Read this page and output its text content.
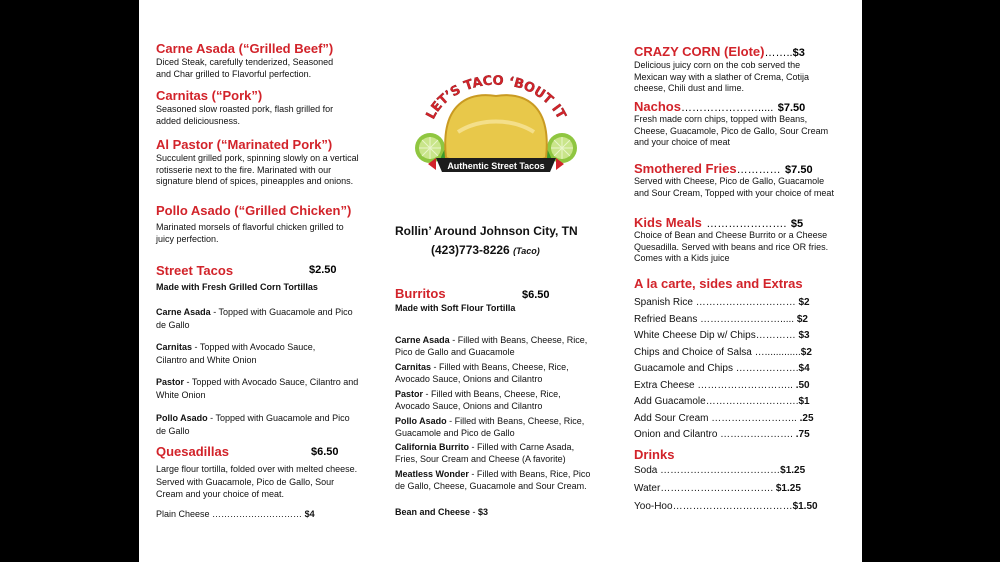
Carne Asada (“Grilled Beef”)
Diced Steak, carefully tenderized, Seasoned and Char grilled to Flavorful perfection.
Carnitas (“Pork”)
Seasoned slow roasted pork, flash grilled for added deliciousness.
Al Pastor (“Marinated Pork”)
Succulent grilled pork, spinning slowly on a vertical rotisserie next to the fire. Marinated with our signature blend of spices, pineapples and onions.
Pollo Asado (“Grilled Chicken”)
Marinated morsels of flavorful chicken grilled to juicy perfection.
Street Tacos	$2.50
Made with Fresh Grilled Corn Tortillas
Carne Asada - Topped with Guacamole and Pico de Gallo
Carnitas - Topped with Avocado Sauce, Cilantro and White Onion
Pastor - Topped with Avocado Sauce, Cilantro and White Onion
Pollo Asado - Topped with Guacamole and Pico de Gallo
Quesadillas	$6.50
Large flour tortilla, folded over with melted cheese. Served with Guacamole, Pico de Gallo, Sour Cream and your choice of meat.
Plain Cheese ………………………… $4
LET’S TACO ‘BOUT IT
Authentic Street Tacos
Rollin’ Around Johnson City, TN
(423)773-8226 (Taco)
Burritos	$6.50
Made with Soft Flour Tortilla
Carne Asada - Filled with Beans, Cheese, Rice, Pico de Gallo and Guacamole
Carnitas - Filled with Beans, Cheese, Rice, Avocado Sauce, Onions and Cilantro
Pastor - Filled with Beans, Cheese, Rice, Avocado Sauce, Onions and Cilantro
Pollo Asado - Filled with Beans, Cheese, Rice, Guacamole and Pico de Gallo
California Burrito - Filled with Carne Asada, Fries, Sour Cream and Cheese (A favorite)
Meatless Wonder - Filled with Beans, Rice, Pico de Gallo, Cheese, Guacamole and Sour Cream.
Bean and Cheese - $3
CRAZY CORN (Elote)……..$3
Delicious juicy corn on the cob served the Mexican way with a slather of Crema, Cotija cheese, Chili dust and lime.
Nachos…………………..... $7.50
Fresh made corn chips, topped with Beans, Cheese, Guacamole, Pico de Gallo, Sour Cream and your choice of meat
Smothered Fries………… $7.50
Served with Cheese, Pico de Gallo, Guacamole and Sour Cream, Topped with your choice of meat
Kids Meals …………………. $5
Choice of Bean and Cheese Burrito or a Cheese Quesadilla. Served with beans and rice OR fries. Comes with a Kids juice
A la carte, sides and Extras
Spanish Rice ………………………… $2
Refried Beans ……………………..... $2
White Cheese Dip w/ Chips………… $3
Chips and Choice of Salsa ….............$2
Guacamole and Chips ……………….$4
Extra Cheese ……………………….. .50
Add Guacamole……………………….$1
Add Sour Cream …………………….. .25
Onion and Cilantro …………………. .75
Drinks
Soda ………………………………$1.25
Water……………………………. $1.25
Yoo-Hoo………………………………$1.50
